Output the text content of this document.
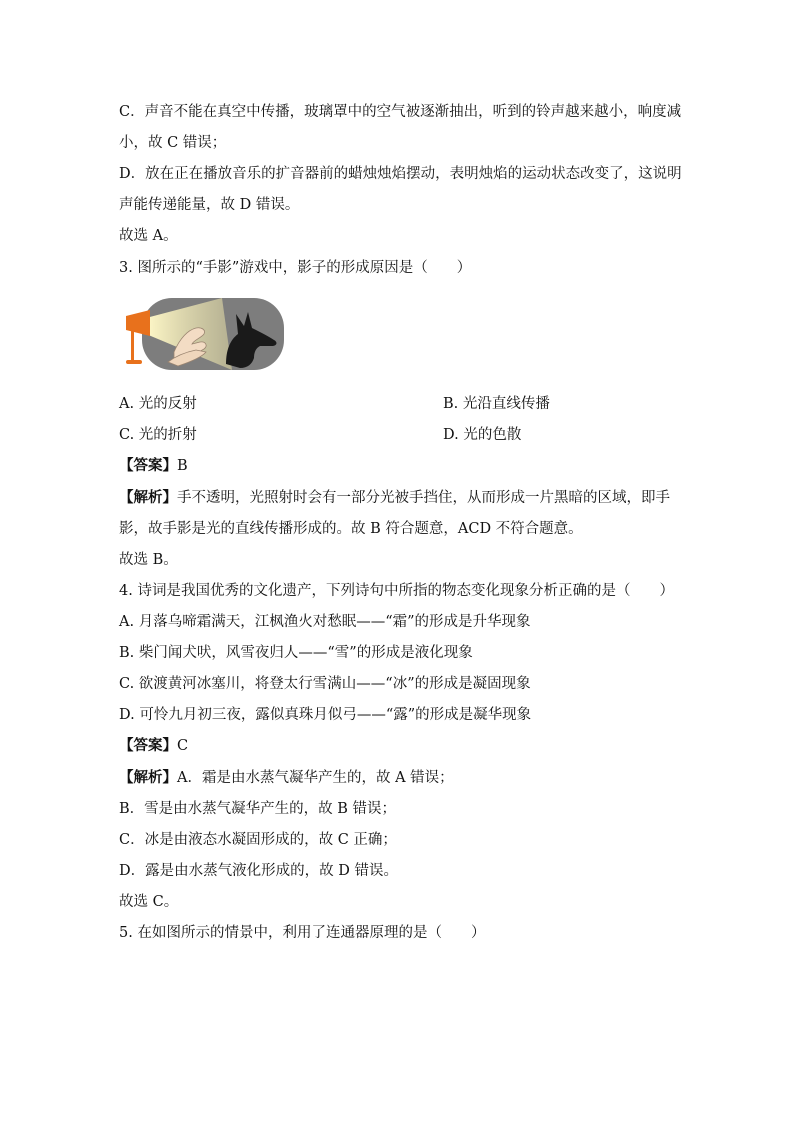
C．声音不能在真空中传播，玻璃罩中的空气被逐渐抽出，听到的铃声越来越小，响度减
小，故 C 错误；
D．放在正在播放音乐的扩音器前的蜡烛烛焰摆动，表明烛焰的运动状态改变了，这说明
声能传递能量，故 D 错误。
故选 A。
3. 图所示的“手影”游戏中，影子的形成原因是（　　）
A. 光的反射	B. 光沿直线传播
C. 光的折射	D. 光的色散
【答案】B
【解析】手不透明，光照射时会有一部分光被手挡住，从而形成一片黑暗的区域，即手
影，故手影是光的直线传播形成的。故 B 符合题意，ACD 不符合题意。
故选 B。
4. 诗词是我国优秀的文化遗产，下列诗句中所指的物态变化现象分析正确的是（　　）
A. 月落乌啼霜满天，江枫渔火对愁眠——“霜”的形成是升华现象
B. 柴门闻犬吠，风雪夜归人——“雪”的形成是液化现象
C. 欲渡黄河冰塞川，将登太行雪满山——“冰”的形成是凝固现象
D. 可怜九月初三夜，露似真珠月似弓——“露”的形成是凝华现象
【答案】C
【解析】A．霜是由水蒸气凝华产生的，故 A 错误；
B．雪是由水蒸气凝华产生的，故 B 错误；
C．冰是由液态水凝固形成的，故 C 正确；
D．露是由水蒸气液化形成的，故 D 错误。
故选 C。
5. 在如图所示的情景中，利用了连通器原理的是（　　）
